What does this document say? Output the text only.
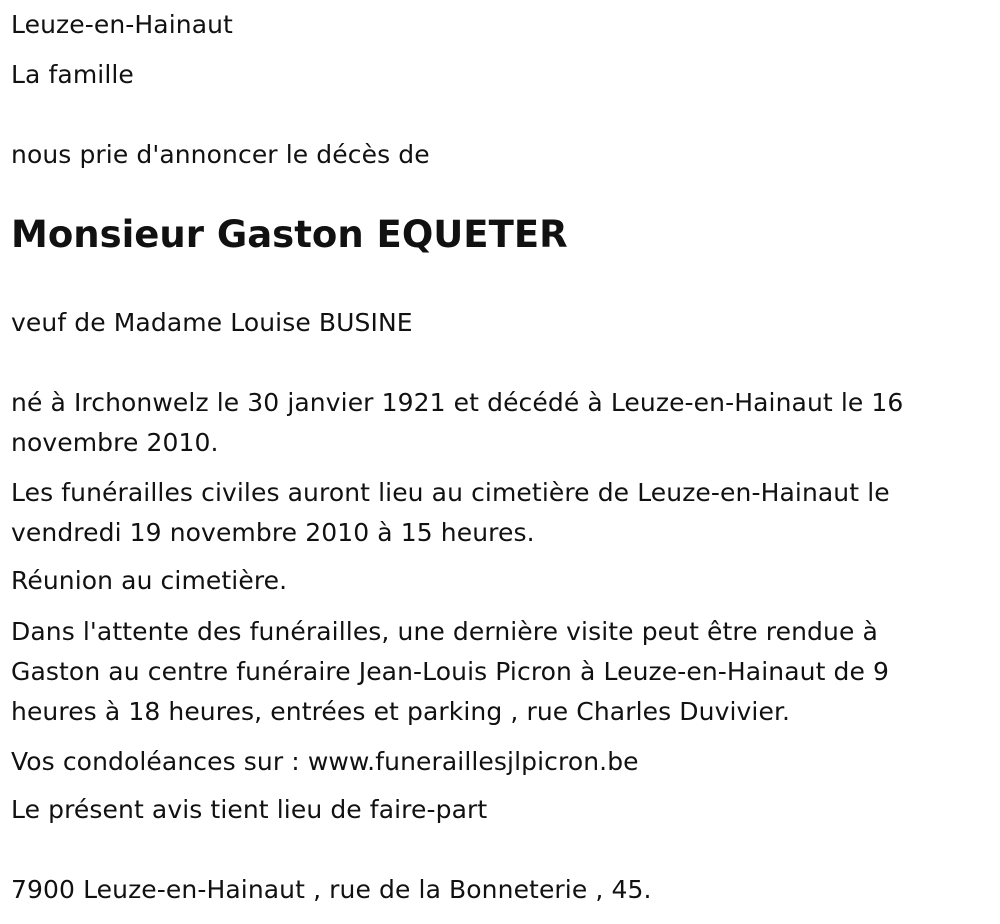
Leuze-en-Hainaut
La famille
nous prie d'annoncer le décès de
Monsieur Gaston EQUETER
veuf de Madame Louise BUSINE
né à Irchonwelz le 30 janvier 1921 et décédé à Leuze-en-Hainaut le 16 novembre 2010.
Les funérailles civiles auront lieu au cimetière de Leuze-en-Hainaut le vendredi 19 novembre 2010 à 15 heures.
Réunion au cimetière.
Dans l'attente des funérailles, une dernière visite peut être rendue à Gaston au centre funéraire Jean-Louis Picron à Leuze-en-Hainaut de 9 heures à 18 heures, entrées et parking , rue Charles Duvivier.
Vos condoléances sur : www.funeraillesjlpicron.be
Le présent avis tient lieu de faire-part
7900 Leuze-en-Hainaut , rue de la Bonneterie , 45.
